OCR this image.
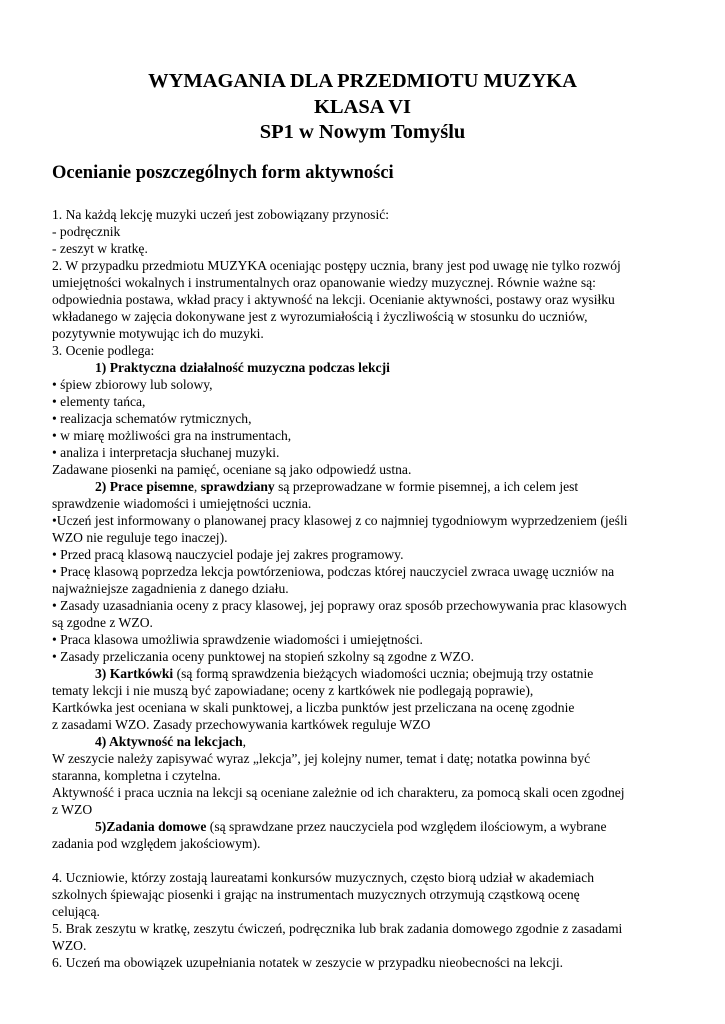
WYMAGANIA DLA PRZEDMIOTU MUZYKA
KLASA VI
SP1 w Nowym Tomyślu
Ocenianie poszczególnych form aktywności
1. Na każdą lekcję muzyki uczeń jest zobowiązany przynosić:
- podręcznik
- zeszyt w kratkę.
2. W przypadku przedmiotu MUZYKA oceniając postępy ucznia, brany jest pod uwagę nie tylko rozwój
umiejętności wokalnych i instrumentalnych oraz opanowanie wiedzy muzycznej. Równie ważne są:
odpowiednia postawa, wkład pracy i aktywność na lekcji. Ocenianie aktywności, postawy oraz wysiłku
wkładanego w zajęcia dokonywane jest z wyrozumiałością i życzliwością w stosunku do uczniów,
pozytywnie motywując ich do muzyki.
3. Ocenie podlega:
1) Praktyczna działalność muzyczna podczas lekcji
• śpiew zbiorowy lub solowy,
• elementy tańca,
• realizacja schematów rytmicznych,
• w miarę możliwości gra na instrumentach,
• analiza i interpretacja słuchanej muzyki.
Zadawane piosenki na pamięć, oceniane są jako odpowiedź ustna.
2) Prace pisemne, sprawdziany są przeprowadzane w formie pisemnej, a ich celem jest
sprawdzenie wiadomości i umiejętności ucznia.
•Uczeń jest informowany o planowanej pracy klasowej z co najmniej tygodniowym wyprzedzeniem (jeśli
WZO nie reguluje tego inaczej).
• Przed pracą klasową nauczyciel podaje jej zakres programowy.
• Pracę klasową poprzedza lekcja powtórzeniowa, podczas której nauczyciel zwraca uwagę uczniów na
najważniejsze zagadnienia z danego działu.
• Zasady uzasadniania oceny z pracy klasowej, jej poprawy oraz sposób przechowywania prac klasowych
są zgodne z WZO.
• Praca klasowa umożliwia sprawdzenie wiadomości i umiejętności.
• Zasady przeliczania oceny punktowej na stopień szkolny są zgodne z WZO.
3) Kartkówki (są formą sprawdzenia bieżących wiadomości ucznia; obejmują trzy ostatnie
tematy lekcji i nie muszą być zapowiadane; oceny z kartkówek nie podlegają poprawie),
Kartkówka jest oceniana w skali punktowej, a liczba punktów jest przeliczana na ocenę zgodnie
z zasadami WZO. Zasady przechowywania kartkówek reguluje WZO
4) Aktywność na lekcjach,
W zeszycie należy zapisywać wyraz „lekcja”, jej kolejny numer, temat i datę; notatka powinna być
staranna, kompletna i czytelna.
Aktywność i praca ucznia na lekcji są oceniane zależnie od ich charakteru, za pomocą skali ocen zgodnej
z WZO
5)Zadania domowe (są sprawdzane przez nauczyciela pod względem ilościowym, a wybrane
zadania pod względem jakościowym).
4. Uczniowie, którzy zostają laureatami konkursów muzycznych, często biorą udział w akademiach
szkolnych śpiewając piosenki i grając na instrumentach muzycznych otrzymują cząstkową ocenę
celującą.
5. Brak zeszytu w kratkę, zeszytu ćwiczeń, podręcznika lub brak zadania domowego zgodnie z zasadami
WZO.
6. Uczeń ma obowiązek uzupełniania notatek w zeszycie w przypadku nieobecności na lekcji.
